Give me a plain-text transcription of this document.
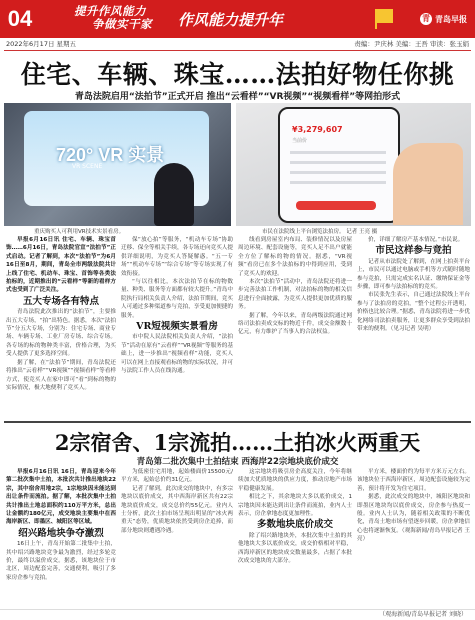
04	提升作风能力
争做实干家 作风能力提升年	青 青岛早报
2022年6月17日 星期五	责编：尹庆林 美编：王吾 审读：张玉娟
住宅、车辆、珠宝……法拍好物任你挑
青岛法院启用“法拍节”正式开启 推出“云看样”“VR视频”“视频看样”等网拍形式
720° VR 实景
VR SCENE
¥3,279,607
当前价
重庆购买人可利用VR技术实景看房。	市民在法院线上平台浏览法拍房。 记者 王亮 摄

早报6月16日讯 住宅、车辆、珠宝首饰……6月16日，青岛法院官宣“法拍节”正式启动。记者了解到，本次“法拍节”为6月16日至8月，期间，青岛全市两级法院共计上线了住宅、机动车、珠宝、首饰等各类法拍标的，近期推出的“云看样”等新的看样方式也受到了广泛关注。

五大专场各有特点

青岛法院此次推出的“法拍节”，主要推出五大专场，“拍”出特色。据悉，本次“法拍节”分五大专场，分别为：住宅专场、商业专场、车辆专场、工业厂房专场、综合专场。各专场的标的物种类丰富，价格合理，为买受人提供了更多选择空间。

据了解，在“法拍节”期间，青岛法院还将推出“云看样”“VR视频”“视频看样”等看样方式，使竞买人在家中即可“看”到标的物的实际情况，极大地便利了竞买人。

保“放心拍”等服务，“机动车专场”协助迁移、保全等相关手续，各专场还向竞买人提供详细说明，为竞买人答疑解惑。“五一专场”“机动车专场”“综合专场”等专场实现了有效衔接。

“与以往相比，本次法拍节在标的物数量、种类、服务等方面都有较大提升。”青岛中院执行局相关负责人介绍，法拍节期间，竞买人可通过多种渠道参与竞拍，享受更加便捷的服务。

VR短视频实景看房

市中院人民法院相关负责人介绍，“法拍节”活动在原有“云看样”“VR视频”等服务的基础上，进一步推出“视频看样”功能，竞买人可以在网上直接观看标的物的实际状况，并可与法院工作人员在线沟通。

线看到房屋室内布局、装修情况以及房屋周边环境、配套设施等，竞买人足不出户就能全方位了解标的物的情况。据悉，“VR视频”看房已在多个法拍标的中得到应用，受到了竞买人的欢迎。

本次“法拍节”活动中，青岛法院还将进一步完善法拍工作机制，对法拍标的物的相关信息进行全面披露，为竞买人提供更加优质的服务。

据了解，今年以来，青岛两级法院通过网络司法拍卖成交标的物近千件，成交金额数十亿元，有力维护了当事人的合法权益。

价，详细了解房产基本情况。”市民说。

市民这样参与竞拍

记者从市法院处了解到，在网上拍卖平台上，市民可以通过电脑或手机等方式随时随地参与竞拍，只需完成实名认证、缴纳保证金等步骤，即可参与法拍标的的竞买。

市民张先生表示，自己通过法院线上平台参与了法拍房的竞拍，“整个过程公开透明，价格也比较合理。”据悉，青岛法院将进一步优化网络司法拍卖服务，让更多群众享受到法拍带来的便利。（见习记者 吴明）

2宗宿舍、1宗流拍……土拍冰火两重天
青岛第二批次集中土拍结束 西海岸22宗地块底价成交

早报6月16日讯 16日，青岛迎来今年第二批次集中土拍，本批次共计推出地块22宗，其中宿舍用地2宗，1宗地块因未能达到出让条件而流拍。据了解，本批次集中土拍共计推出土地总面积约110万平方米，总出让金额约180亿元，成交地块主要集中在西海岸新区、即墨区、城阳区等区域。

绍兴路地块争夺激烈

16日上午，青岛开始第二批集中土拍，其中绍兴路地块竞争最为激烈，经过多轮竞价，最终以溢价成交。据悉，该地块位于市北区，周边配套完善，交通便利，吸引了多家房企参与竞拍。

为低密住宅用地，起始楼面价15500元/平方米，起始总价约31亿元。

记者了解到，此次成交的地块中，有多宗地块以底价成交，其中西海岸新区共有22宗地块底价成交，成交总价约55亿元。业内人士分析，此次土拍市场呈现出明显的“冰火两重天”态势，优质地块依然受到房企追捧，而部分地块则遭遇冷遇。

这宗地块将吸引房企高度关注，今年将继续加大优质地块的供应力度，推动房地产市场平稳健康发展。

相比之下，其余地块大多以底价成交，1宗地块因未能达到出让条件而流拍，业内人士表示，房企拿地态度更加理性。

多数地块底价成交

除了绍兴路地块外，本批次集中土拍的其他地块大多以底价成交，成交价格相对平稳，西海岸新区的地块成交数量最多，占据了本批次成交地块的大部分。

平方米，楼面价约为每平方米万元左右。该地块位于西海岸新区，周边配套设施较为完善，预计将开发为住宅项目。

据悉，此次成交的地块中，城阳区地块和即墨区地块均以底价成交，房企参与热度一般。业内人士认为，随着相关政策的不断优化，青岛土地市场有望逐步回暖，房企拿地信心也将逐渐恢复。（观海新闻/青岛早报记者 王亮）

（观海新闻/青岛早报记者 刘晓）
